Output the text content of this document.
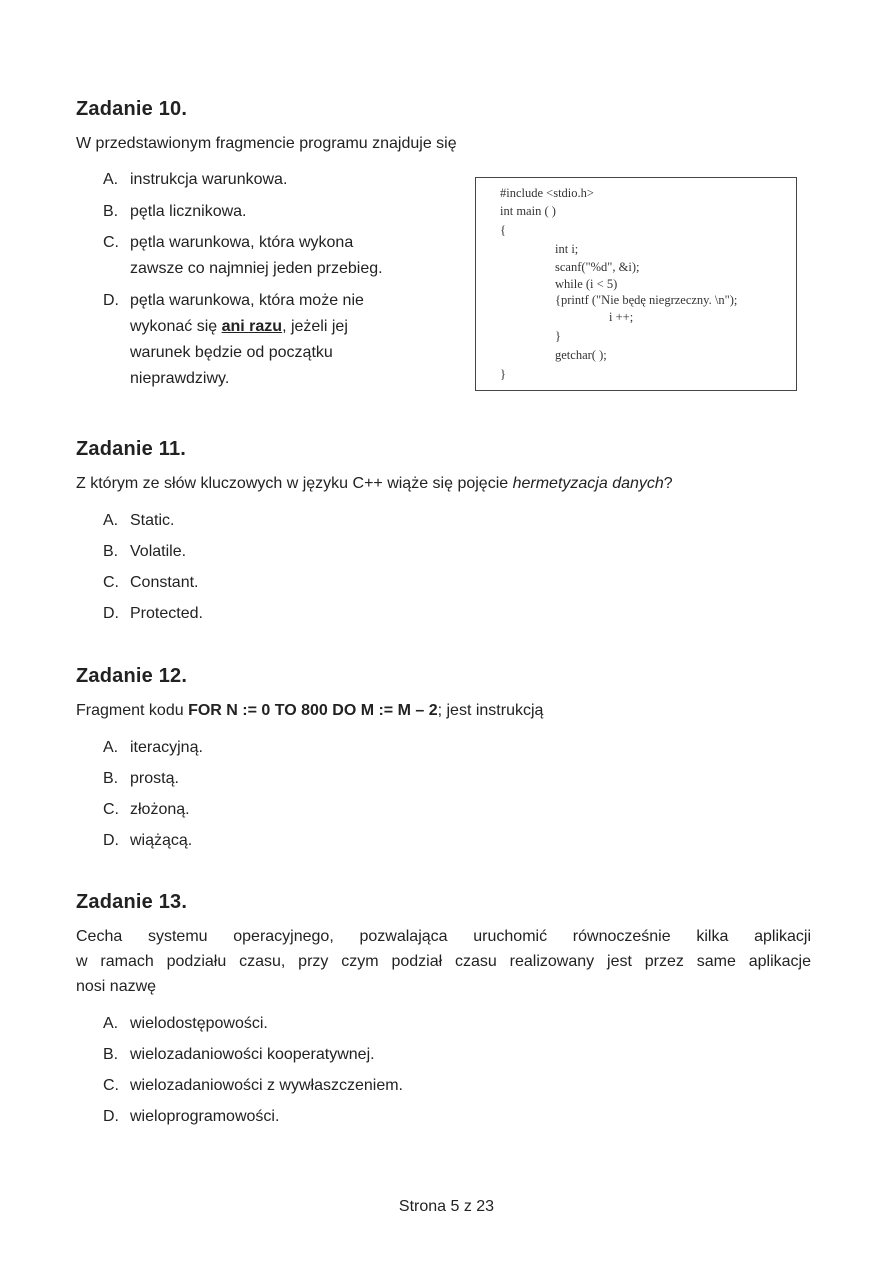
Zadanie 10.

W przedstawionym fragmencie programu znajduje się

A. instrukcja warunkowa.
B. pętla licznikowa.
C. pętla warunkowa, która wykona
zawsze co najmniej jeden przebieg.
D. pętla warunkowa, która może nie
wykonać się ani razu, jeżeli jej
warunek będzie od początku
nieprawdziwy.
#include <stdio.h>
int main ( )
{
int i;
scanf("%d", &i);
while (i < 5)
{printf ("Nie będę niegrzeczny. \n");
i ++;
}
getchar( );
}
Zadanie 11.

Z którym ze słów kluczowych w języku C++ wiąże się pojęcie hermetyzacja danych?

A. Static.
B. Volatile.
C. Constant.
D. Protected.
Zadanie 12.

Fragment kodu FOR N := 0 TO 800 DO M := M – 2; jest instrukcją

A. iteracyjną.
B. prostą.
C. złożoną.
D. wiążącą.
Zadanie 13.

Cecha systemu operacyjnego, pozwalająca uruchomić równocześnie kilka aplikacji

w ramach podziału czasu, przy czym podział czasu realizowany jest przez same aplikacje

nosi nazwę

A. wielodostępowości.
B. wielozadaniowości kooperatywnej.
C. wielozadaniowości z wywłaszczeniem.
D. wieloprogramowości.
Strona 5 z 23
